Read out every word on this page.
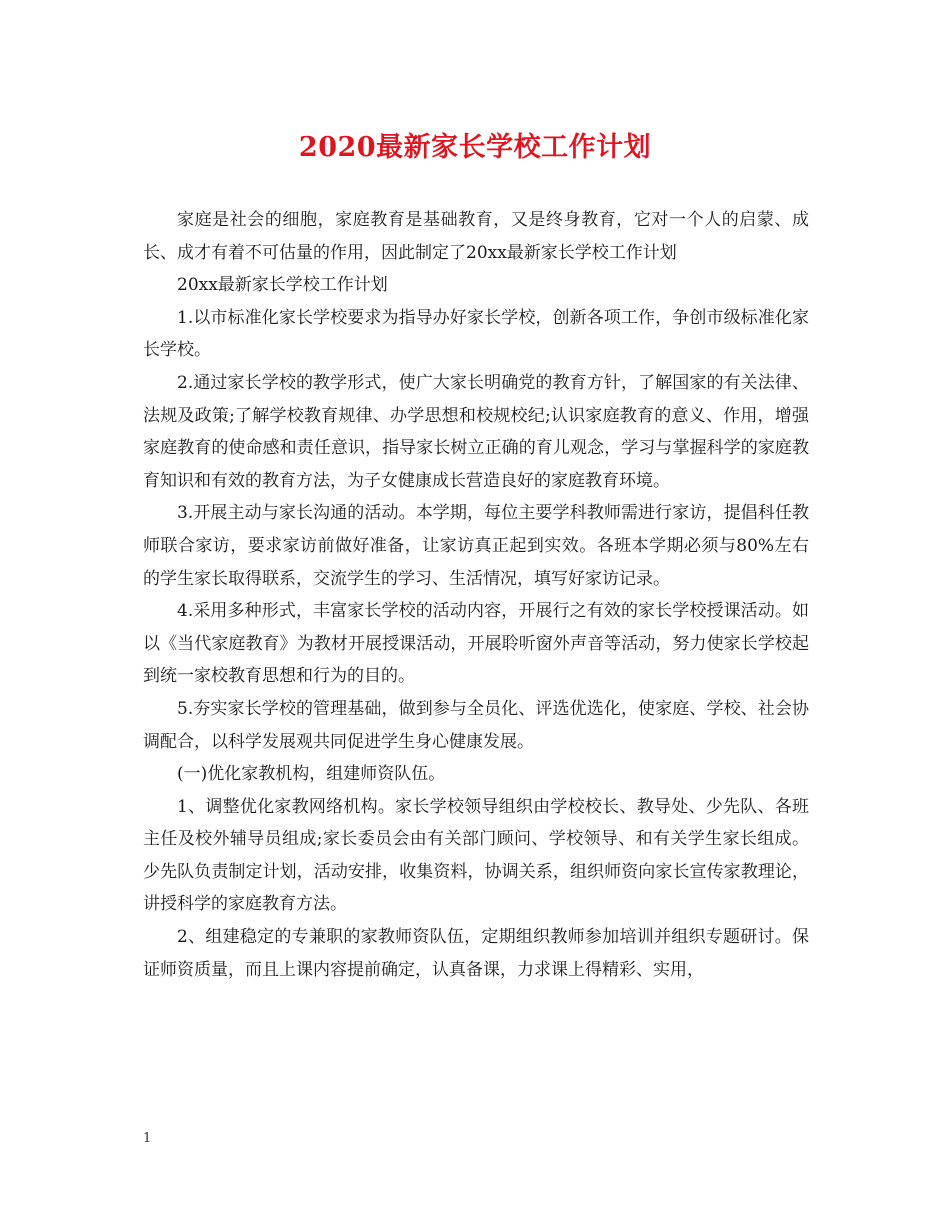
2020最新家长学校工作计划

家庭是社会的细胞，家庭教育是基础教育，又是终身教育，它对一个人的启蒙、成长、成才有着不可估量的作用，因此制定了20xx最新家长学校工作计划

20xx最新家长学校工作计划

1.以市标准化家长学校要求为指导办好家长学校，创新各项工作，争创市级标准化家长学校。

2.通过家长学校的教学形式，使广大家长明确党的教育方针，了解国家的有关法律、法规及政策;了解学校教育规律、办学思想和校规校纪;认识家庭教育的意义、作用，增强家庭教育的使命感和责任意识，指导家长树立正确的育儿观念，学习与掌握科学的家庭教育知识和有效的教育方法，为子女健康成长营造良好的家庭教育环境。

3.开展主动与家长沟通的活动。本学期，每位主要学科教师需进行家访，提倡科任教师联合家访，要求家访前做好准备，让家访真正起到实效。各班本学期必须与80%左右的学生家长取得联系，交流学生的学习、生活情况，填写好家访记录。

4.采用多种形式，丰富家长学校的活动内容，开展行之有效的家长学校授课活动。如以《当代家庭教育》为教材开展授课活动，开展聆听窗外声音等活动，努力使家长学校起到统一家校教育思想和行为的目的。

5.夯实家长学校的管理基础，做到参与全员化、评选优选化，使家庭、学校、社会协调配合，以科学发展观共同促进学生身心健康发展。

(一)优化家教机构，组建师资队伍。

1、调整优化家教网络机构。家长学校领导组织由学校校长、教导处、少先队、各班主任及校外辅导员组成;家长委员会由有关部门顾问、学校领导、和有关学生家长组成。少先队负责制定计划，活动安排，收集资料，协调关系，组织师资向家长宣传家教理论，讲授科学的家庭教育方法。

2、组建稳定的专兼职的家教师资队伍，定期组织教师参加培训并组织专题研讨。保证师资质量，而且上课内容提前确定，认真备课，力求课上得精彩、实用，

1
